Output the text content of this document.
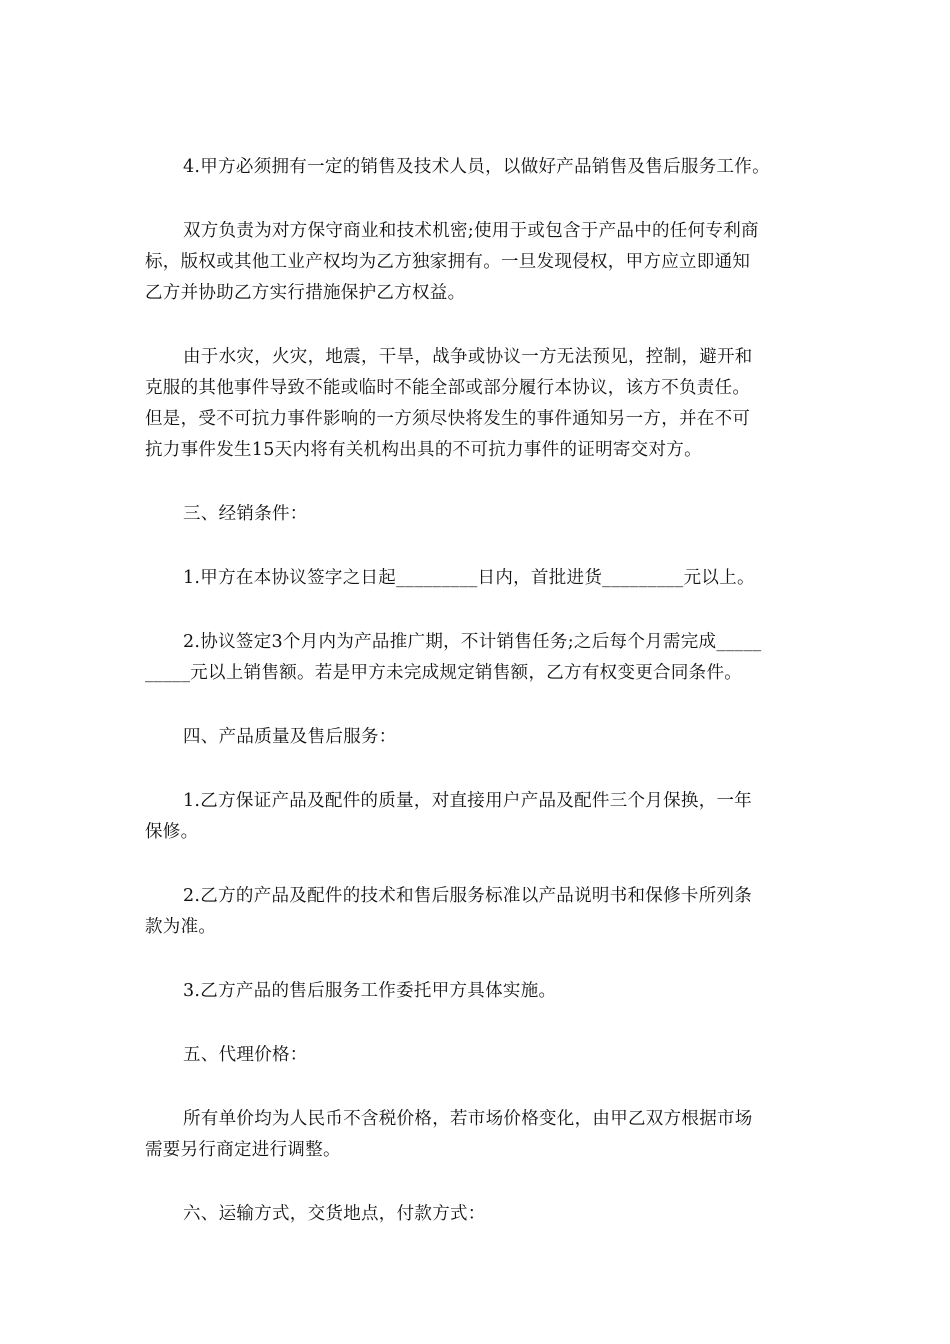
4.甲方必须拥有一定的销售及技术人员，以做好产品销售及售后服务工作。
双方负责为对方保守商业和技术机密;使用于或包含于产品中的任何专利商
标，版权或其他工业产权均为乙方独家拥有。一旦发现侵权，甲方应立即通知
乙方并协助乙方实行措施保护乙方权益。
由于水灾，火灾，地震，干旱，战争或协议一方无法预见，控制，避开和
克服的其他事件导致不能或临时不能全部或部分履行本协议，该方不负责任。
但是，受不可抗力事件影响的一方须尽快将发生的事件通知另一方，并在不可
抗力事件发生15天内将有关机构出具的不可抗力事件的证明寄交对方。
三、经销条件：
1.甲方在本协议签字之日起_________日内，首批进货_________元以上。
2.协议签定3个月内为产品推广期，不计销售任务;之后每个月需完成_____
_____元以上销售额。若是甲方未完成规定销售额，乙方有权变更合同条件。
四、产品质量及售后服务：
1.乙方保证产品及配件的质量，对直接用户产品及配件三个月保换，一年
保修。
2.乙方的产品及配件的技术和售后服务标准以产品说明书和保修卡所列条
款为准。
3.乙方产品的售后服务工作委托甲方具体实施。
五、代理价格：
所有单价均为人民币不含税价格，若市场价格变化，由甲乙双方根据市场
需要另行商定进行调整。
六、运输方式，交货地点，付款方式：
